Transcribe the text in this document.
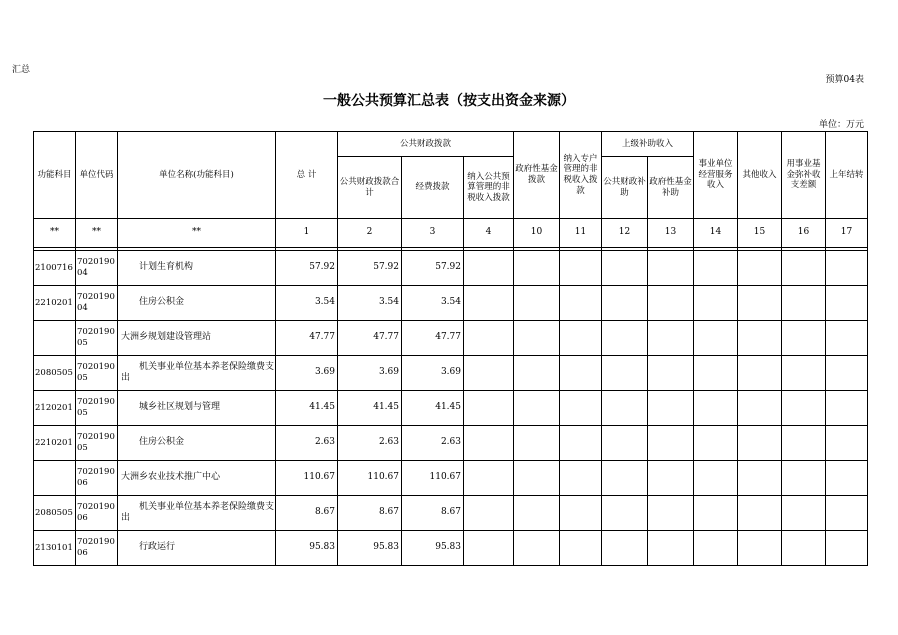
汇总
预算04表
一般公共预算汇总表（按支出资金来源）
单位：万元
功能科目	单位代码	单位名称(功能科目)	总 计	公共财政拨款			政府性基金拨款	纳入专户管理的非税收入拨款	上级补助收入		事业单位经营服务收入	其他收入	用事业基金弥补收支差额	上年结转
				公共财政拨款合计	经费拨款	纳入公共预算管理的非税收入拨款			公共财政补助	政府性基金补助				
**	**	**	1	2	3	4	10	11	12	13	14	15	16	17

2100716	702019004	计划生育机构	57.92	57.92	57.92									
2210201	702019004	住房公积金	3.54	3.54	3.54									
	702019005	大洲乡规划建设管理站	47.77	47.77	47.77									
2080505	702019005	机关事业单位基本养老保险缴费支出	3.69	3.69	3.69									
2120201	702019005	城乡社区规划与管理	41.45	41.45	41.45									
2210201	702019005	住房公积金	2.63	2.63	2.63									
	702019006	大洲乡农业技术推广中心	110.67	110.67	110.67									
2080505	702019006	机关事业单位基本养老保险缴费支出	8.67	8.67	8.67									
2130101	702019006	行政运行	95.83	95.83	95.83									
